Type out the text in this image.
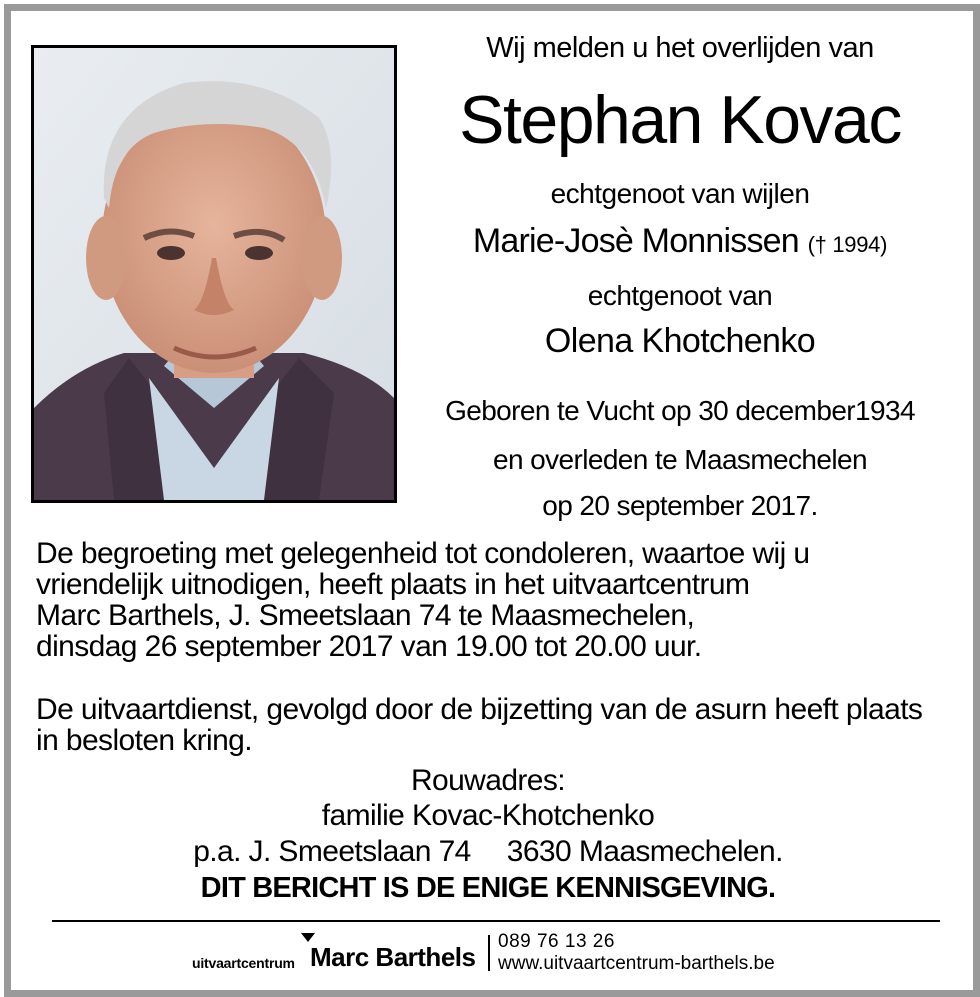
Wij melden u het overlijden van
Stephan Kovac
echtgenoot van wijlen
Marie-Josè Monnissen († 1994)
echtgenoot van
Olena Khotchenko
Geboren te Vucht op 30 december1934
en overleden te Maasmechelen
op 20 september 2017.
De begroeting met gelegenheid tot condoleren, waartoe wij u
vriendelijk uitnodigen, heeft plaats in het uitvaartcentrum
Marc Barthels, J. Smeetslaan 74 te Maasmechelen,
dinsdag 26 september 2017 van 19.00 tot 20.00 uur.
De uitvaartdienst, gevolgd door de bijzetting van de asurn heeft plaats
in besloten kring.
Rouwadres:
familie Kovac-Khotchenko
p.a. J. Smeetslaan 74 3630 Maasmechelen.
DIT BERICHT IS DE ENIGE KENNISGEVING.
uitvaartcentrum Marc Barthels
089 76 13 26
www.uitvaartcentrum-barthels.be
